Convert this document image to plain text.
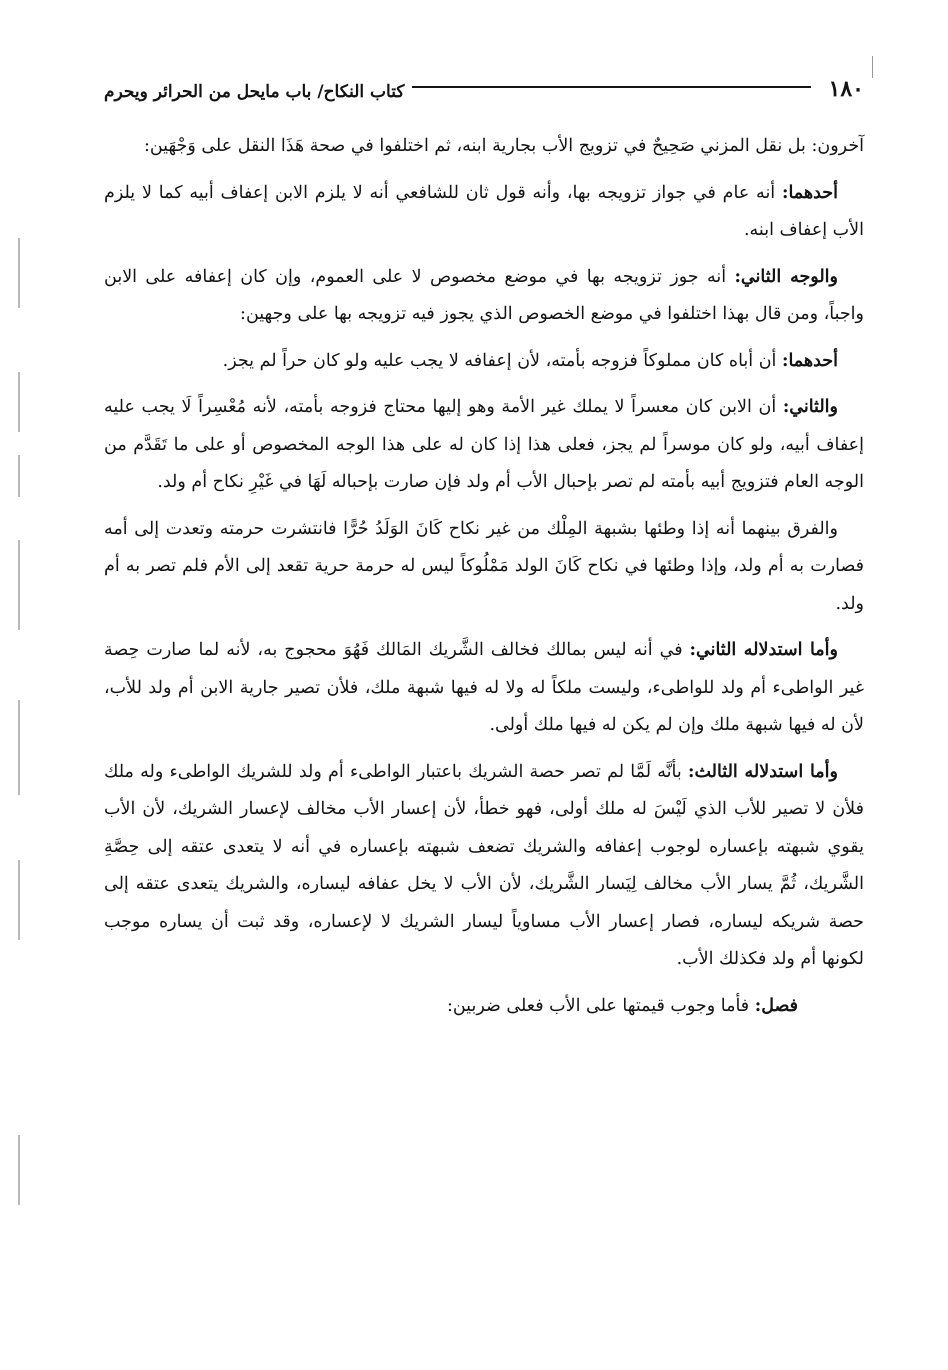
١٨٠
كتاب النكاح/ باب مايحل من الحرائر ويحرم

آخرون: بل نقل المزني صَحِيحٌ في تزويج الأب بجارية ابنه، ثم اختلفوا في صحة هَذَا النقل على وَجْهَين:

أحدهما: أنه عام في جواز تزويجه بها، وأنه قول ثان للشافعي أنه لا يلزم الابن إعفاف أبيه كما لا يلزم الأب إعفاف ابنه.

والوجه الثاني: أنه جوز تزويجه بها في موضع مخصوص لا على العموم، وإن كان إعفافه على الابن واجباً، ومن قال بهذا اختلفوا في موضع الخصوص الذي يجوز فيه تزويجه بها على وجهين:

أحدهما: أن أباه كان مملوكاً فزوجه بأمته، لأن إعفافه لا يجب عليه ولو كان حراً لم يجز.

والثاني: أن الابن كان معسراً لا يملك غير الأمة وهو إليها محتاج فزوجه بأمته، لأنه مُعْسِراً لَا يجب عليه إعفاف أبيه، ولو كان موسراً لم يجز، فعلى هذا إذا كان له على هذا الوجه المخصوص أو على ما تَقَدَّم من الوجه العام فتزويج أبيه بأمته لم تصر بإحبال الأب أم ولد فإن صارت بإحباله لَهَا في غَيْرِ نكاح أم ولد.

والفرق بينهما أنه إذا وطئها بشبهة المِلْك من غير نكاح كَانَ الوَلَدُ حُرًّا فانتشرت حرمته وتعدت إلى أمه فصارت به أم ولد، وإذا وطئها في نكاح كَانَ الولد مَمْلُوكاً ليس له حرمة حرية تقعد إلى الأم فلم تصر به أم ولد.

وأما استدلاله الثاني: في أنه ليس بمالك فخالف الشَّريك المَالك فَهُوَ محجوج به، لأنه لما صارت حِصة غير الواطىء أم ولد للواطىء، وليست ملكاً له ولا له فيها شبهة ملك، فلأن تصير جارية الابن أم ولد للأب، لأن له فيها شبهة ملك وإن لم يكن له فيها ملك أولى.

وأما استدلاله الثالث: بأنَّه لَمَّا لم تصر حصة الشريك باعتبار الواطىء أم ولد للشريك الواطىء وله ملك فلأن لا تصير للأب الذي لَيْسَ له ملك أولى، فهو خطأ، لأن إعسار الأب مخالف لإعسار الشريك، لأن الأب يقوي شبهته بإعساره لوجوب إعفافه والشريك تضعف شبهته بإعساره في أنه لا يتعدى عتقه إلى حِصَّةِ الشَّريك، ثُمَّ يسار الأب مخالف لِيَسار الشَّريك، لأن الأب لا يخل عفافه ليساره، والشريك يتعدى عتقه إلى حصة شريكه ليساره، فصار إعسار الأب مساوياً ليسار الشريك لا لإعساره، وقد ثبت أن يساره موجب لكونها أم ولد فكذلك الأب.

فصل: فأما وجوب قيمتها على الأب فعلى ضربين:
